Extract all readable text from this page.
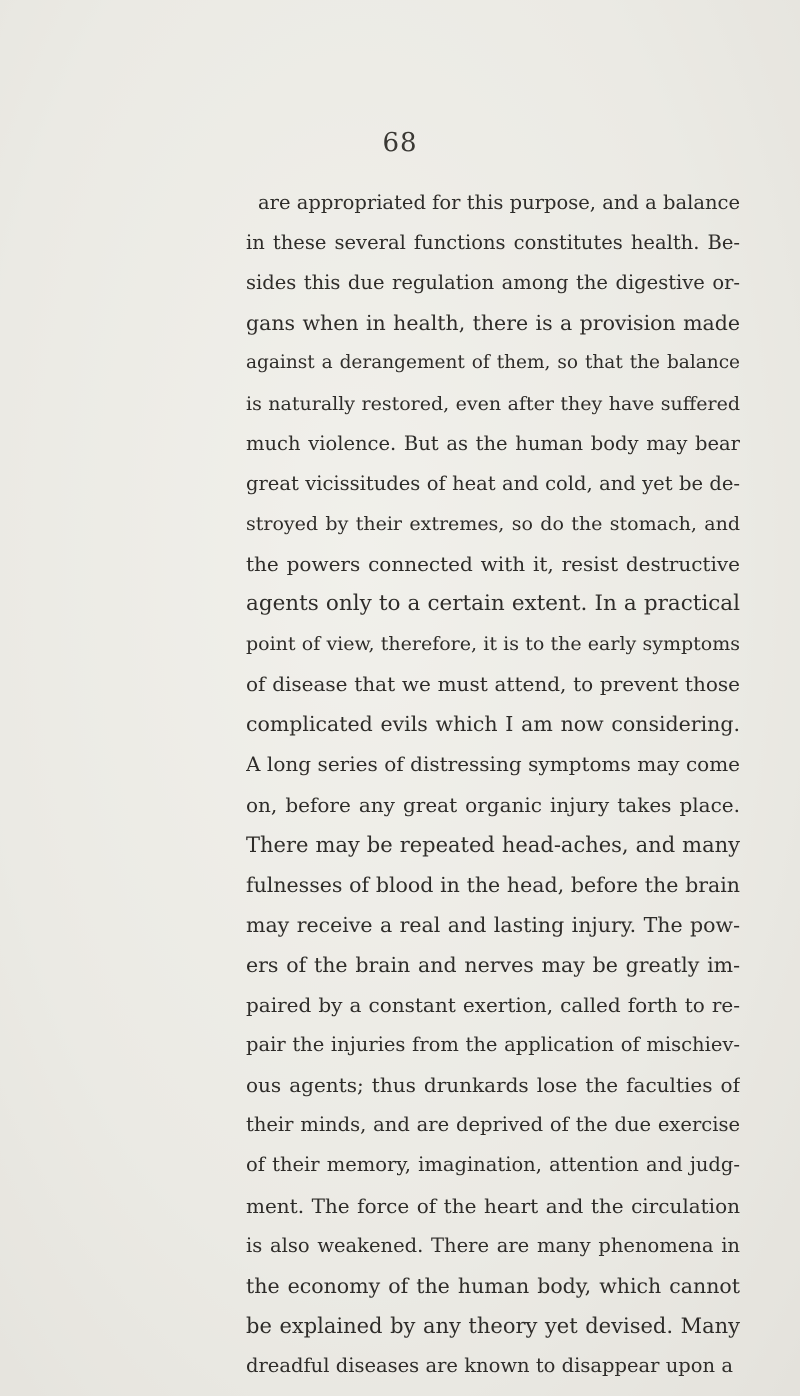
68
are appropriated for this purpose, and a balance
in these several functions constitutes health. Be-
sides this due regulation among the digestive or-
gans when in health, there is a provision made
against a derangement of them, so that the balance
is naturally restored, even after they have suffered
much violence. But as the human body may bear
great vicissitudes of heat and cold, and yet be de-
stroyed by their extremes, so do the stomach, and
the powers connected with it, resist destructive
agents only to a certain extent. In a practical
point of view, therefore, it is to the early symptoms
of disease that we must attend, to prevent those
complicated evils which I am now considering.
A long series of distressing symptoms may come
on, before any great organic injury takes place.
There may be repeated head-aches, and many
fulnesses of blood in the head, before the brain
may receive a real and lasting injury. The pow-
ers of the brain and nerves may be greatly im-
paired by a constant exertion, called forth to re-
pair the injuries from the application of mischiev-
ous agents; thus drunkards lose the faculties of
their minds, and are deprived of the due exercise
of their memory, imagination, attention and judg-
ment. The force of the heart and the circulation
is also weakened. There are many phenomena in
the economy of the human body, which cannot
be explained by any theory yet devised. Many
dreadful diseases are known to disappear upon a
